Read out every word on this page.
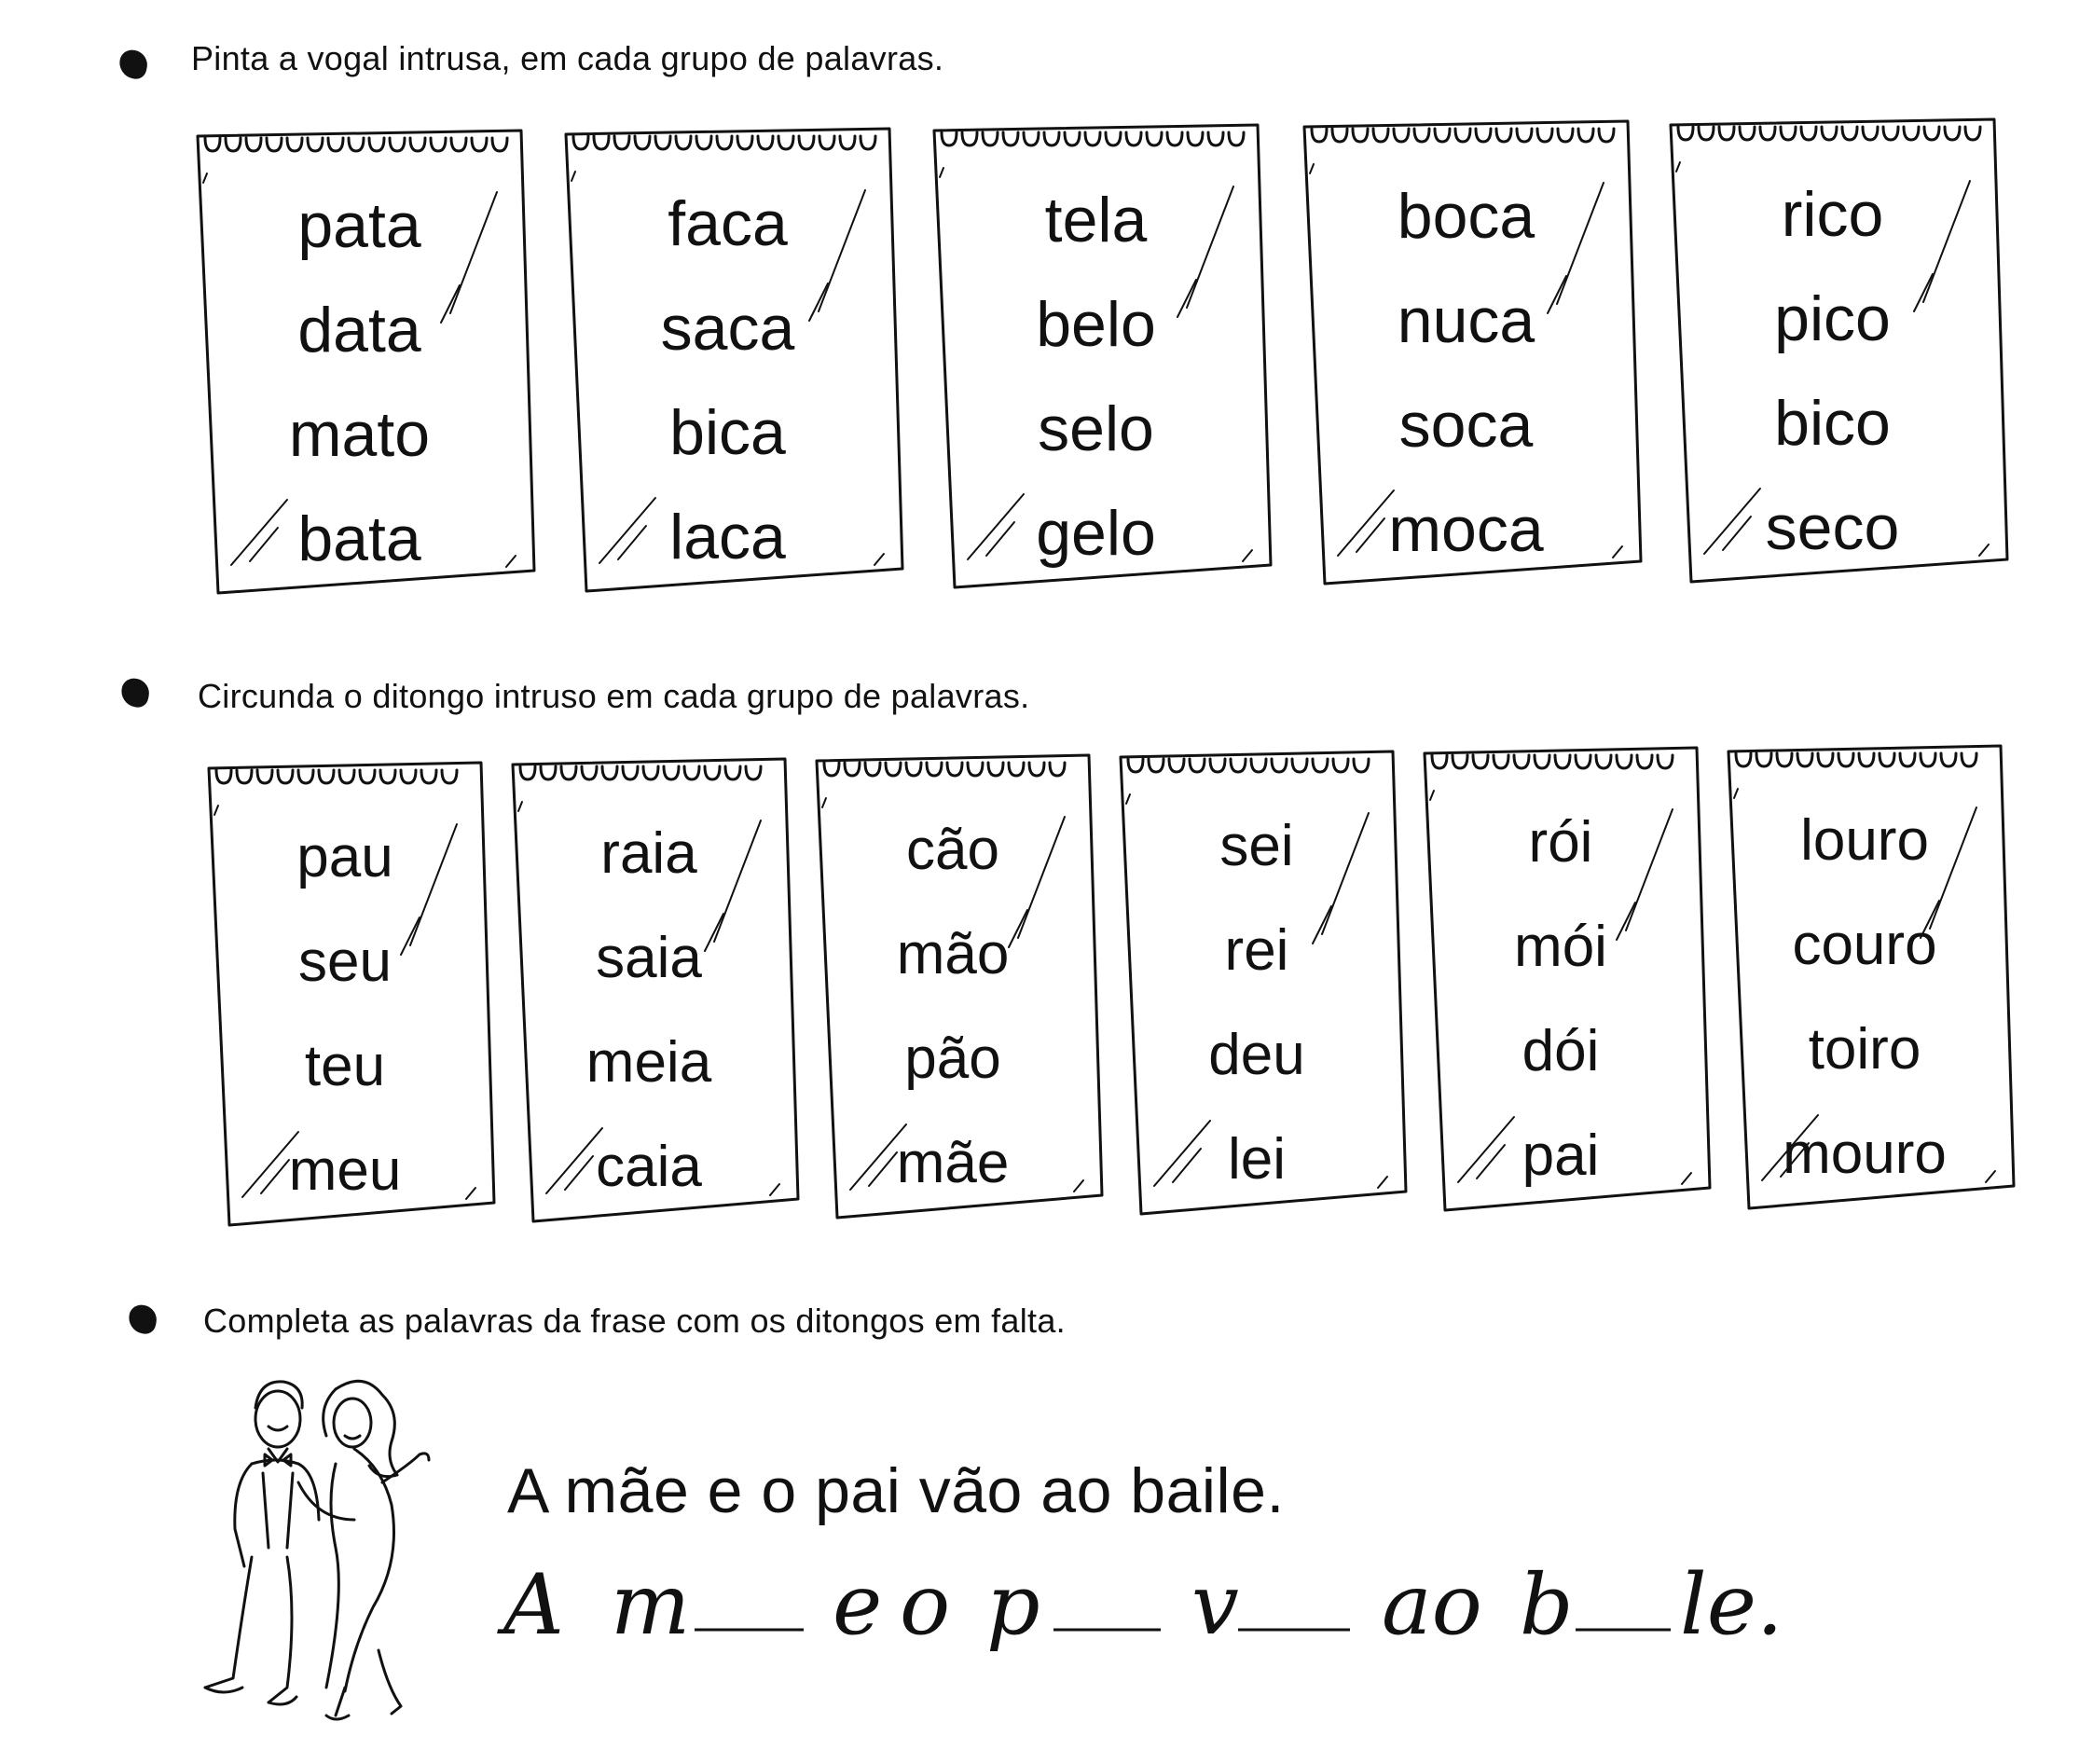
Pinta a vogal intrusa, em cada grupo de palavras.
pata
data
mato
bata
faca
saca
bica
laca
tela
belo
selo
gelo
boca
nuca
soca
moca
rico
pico
bico
seco
Circunda o ditongo intruso em cada grupo de palavras.
pau
seu
teu
meu
raia
saia
meia
caia
cão
mão
pão
mãe
sei
rei
deu
lei
rói
mói
dói
pai
louro
couro
toiro
mouro
Completa as palavras da frase com os ditongos em falta.
A mãe e o pai vão ao baile.
A m e o p v ao b le.
